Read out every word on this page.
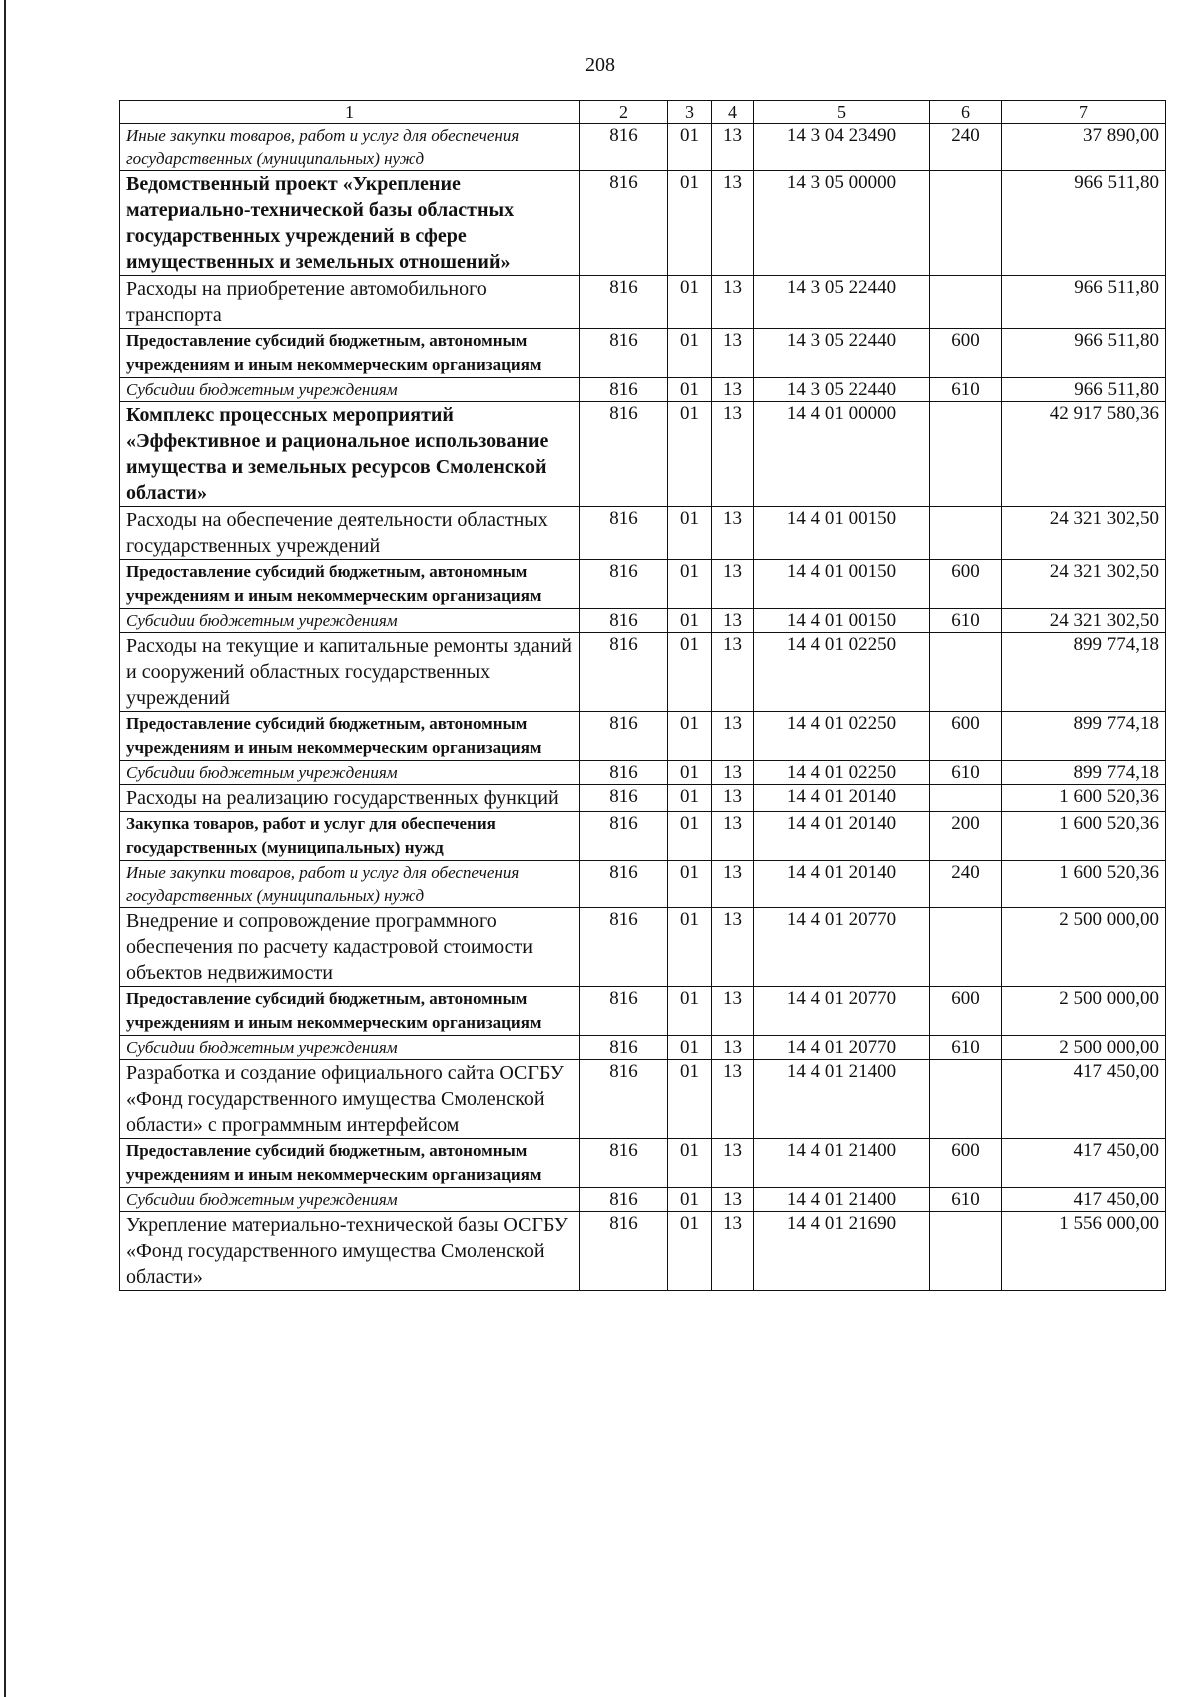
208
1	2	3	4	5	6	7
Иные закупки товаров, работ и услуг для обеспечения государственных (муниципальных) нужд	816	01	13	14 3 04 23490	240	37 890,00
Ведомственный проект «Укрепление материально-технической базы областных государственных учреждений в сфере имущественных и земельных отношений»	816	01	13	14 3 05 00000		966 511,80
Расходы на приобретение автомобильного транспорта	816	01	13	14 3 05 22440		966 511,80
Предоставление субсидий бюджетным, автономным учреждениям и иным некоммерческим организациям	816	01	13	14 3 05 22440	600	966 511,80
Субсидии бюджетным учреждениям	816	01	13	14 3 05 22440	610	966 511,80
Комплекс процессных мероприятий «Эффективное и рациональное использование имущества и земельных ресурсов Смоленской области»	816	01	13	14 4 01 00000		42 917 580,36
Расходы на обеспечение деятельности областных государственных учреждений	816	01	13	14 4 01 00150		24 321 302,50
Предоставление субсидий бюджетным, автономным учреждениям и иным некоммерческим организациям	816	01	13	14 4 01 00150	600	24 321 302,50
Субсидии бюджетным учреждениям	816	01	13	14 4 01 00150	610	24 321 302,50
Расходы на текущие и капитальные ремонты зданий и сооружений областных государственных учреждений	816	01	13	14 4 01 02250		899 774,18
Предоставление субсидий бюджетным, автономным учреждениям и иным некоммерческим организациям	816	01	13	14 4 01 02250	600	899 774,18
Субсидии бюджетным учреждениям	816	01	13	14 4 01 02250	610	899 774,18
Расходы на реализацию государственных функций	816	01	13	14 4 01 20140		1 600 520,36
Закупка товаров, работ и услуг для обеспечения государственных (муниципальных) нужд	816	01	13	14 4 01 20140	200	1 600 520,36
Иные закупки товаров, работ и услуг для обеспечения государственных (муниципальных) нужд	816	01	13	14 4 01 20140	240	1 600 520,36
Внедрение и сопровождение программного обеспечения по расчету кадастровой стоимости объектов недвижимости	816	01	13	14 4 01 20770		2 500 000,00
Предоставление субсидий бюджетным, автономным учреждениям и иным некоммерческим организациям	816	01	13	14 4 01 20770	600	2 500 000,00
Субсидии бюджетным учреждениям	816	01	13	14 4 01 20770	610	2 500 000,00
Разработка и создание официального сайта ОСГБУ «Фонд государственного имущества Смоленской области» с программным интерфейсом	816	01	13	14 4 01 21400		417 450,00
Предоставление субсидий бюджетным, автономным учреждениям и иным некоммерческим организациям	816	01	13	14 4 01 21400	600	417 450,00
Субсидии бюджетным учреждениям	816	01	13	14 4 01 21400	610	417 450,00
Укрепление материально-технической базы ОСГБУ «Фонд государственного имущества Смоленской области»	816	01	13	14 4 01 21690		1 556 000,00
